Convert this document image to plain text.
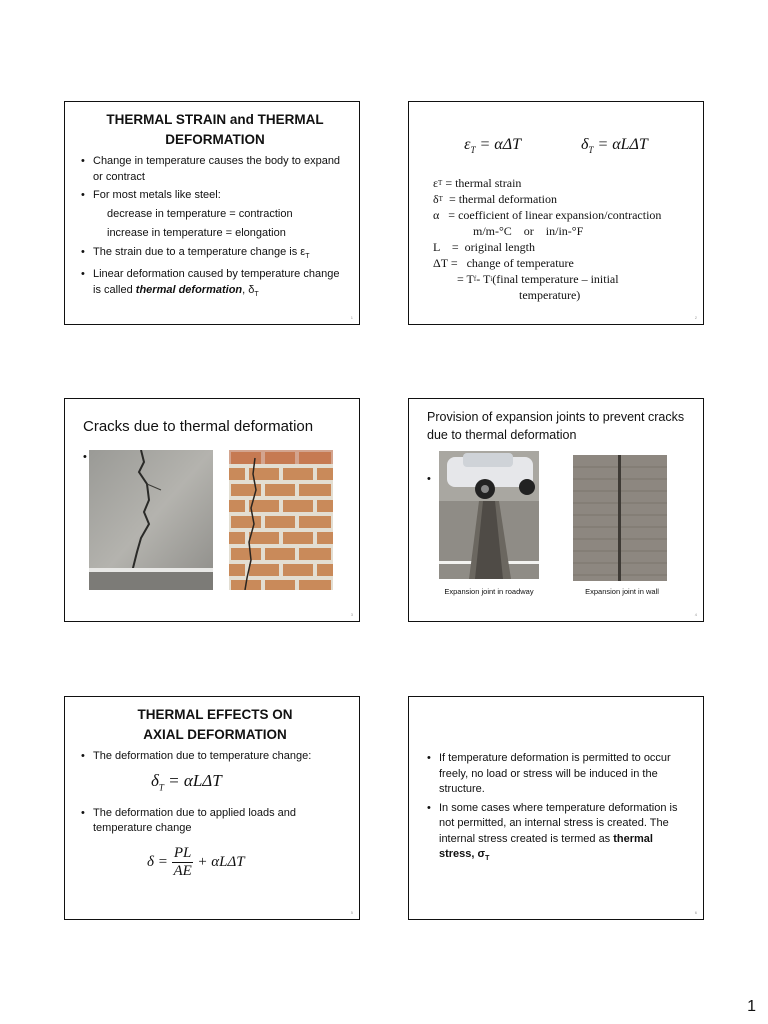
THERMAL STRAIN and THERMAL DEFORMATION
• Change in temperature causes the body to expand or contract
• For most metals like steel:
decrease in temperature = contraction
increase in temperature = elongation
• The strain due to a temperature change is $\varepsilon_T$
• Linear deformation caused by temperature change is called thermal deformation, $\delta_T$
1
$\varepsilon_T = \alpha\Delta T$	$\delta_T = \alpha L\Delta T$
ε T = thermal strain
δ T = thermal deformation
α = coefficient of linear expansion/contraction
m/m-°C    or    in/in-°F
L    =  original length
ΔT =   change of temperature
= T f - T i (final temperature – initial
temperature)
2
Cracks due to thermal deformation
•
3
Provision of expansion joints to prevent cracks due to thermal deformation
•
Expansion joint in roadway	Expansion joint in wall
4
THERMAL EFFECTS ON AXIAL DEFORMATION
• The deformation due to temperature change:
$\delta_T = \alpha L\Delta T$
• The deformation due to applied loads and temperature change
$\delta = \frac{PL}{AE} + \alpha L\Delta T$
5
• If temperature deformation is permitted to occur freely, no load or stress will be induced in the structure.
• In some cases where temperature deformation is not permitted, an internal stress is created. The internal stress created is termed as thermal stress, $\sigma_T$
6
1
